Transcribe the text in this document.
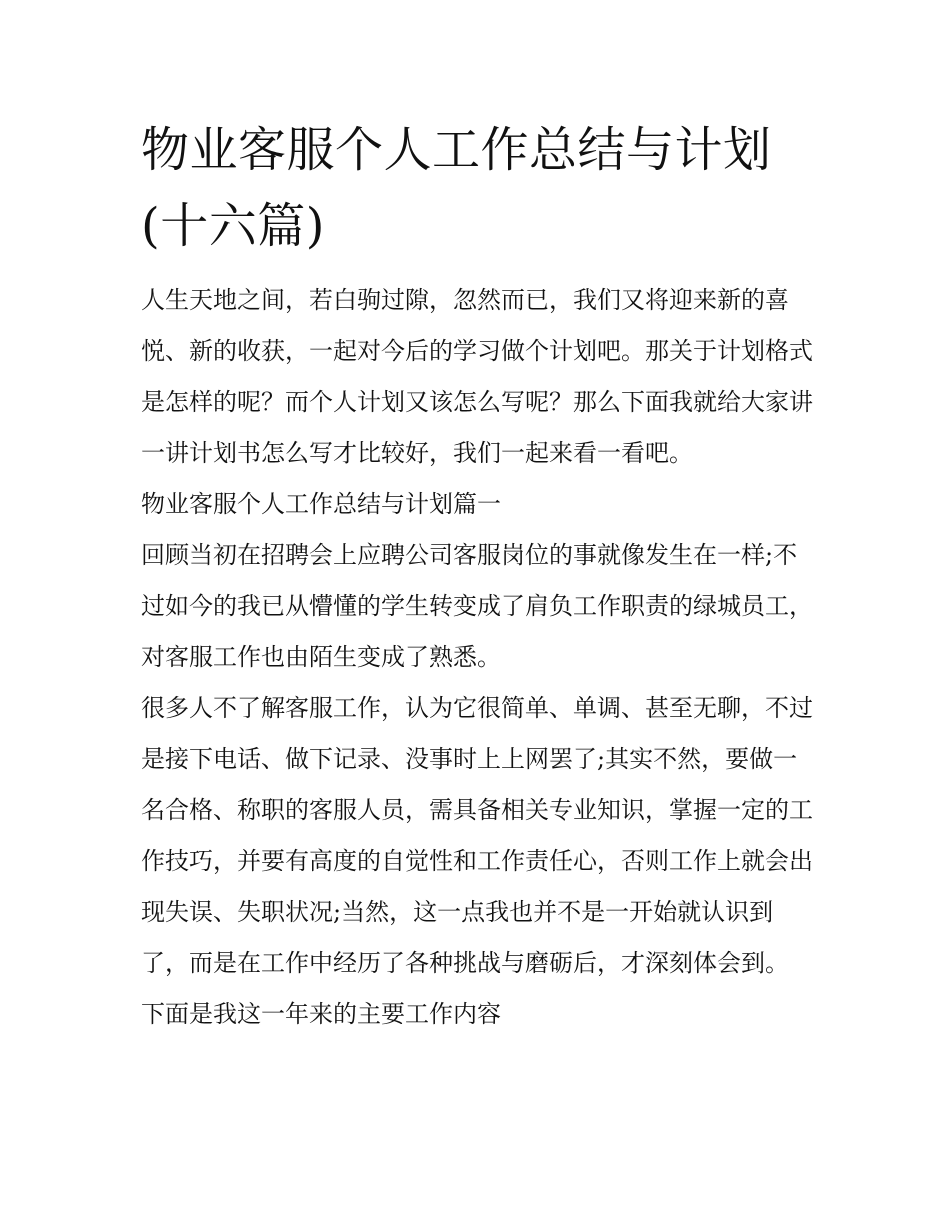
物业客服个人工作总结与计划(十六篇)

人生天地之间，若白驹过隙，忽然而已，我们又将迎来新的喜悦、新的收获，一起对今后的学习做个计划吧。那关于计划格式是怎样的呢？而个人计划又该怎么写呢？那么下面我就给大家讲一讲计划书怎么写才比较好，我们一起来看一看吧。

物业客服个人工作总结与计划篇一

回顾当初在招聘会上应聘公司客服岗位的事就像发生在一样;不过如今的我已从懵懂的学生转变成了肩负工作职责的绿城员工，对客服工作也由陌生变成了熟悉。

很多人不了解客服工作，认为它很简单、单调、甚至无聊，不过是接下电话、做下记录、没事时上上网罢了;其实不然，要做一名合格、称职的客服人员，需具备相关专业知识，掌握一定的工作技巧，并要有高度的自觉性和工作责任心，否则工作上就会出现失误、失职状况;当然，这一点我也并不是一开始就认识到了，而是在工作中经历了各种挑战与磨砺后，才深刻体会到。

下面是我这一年来的主要工作内容
